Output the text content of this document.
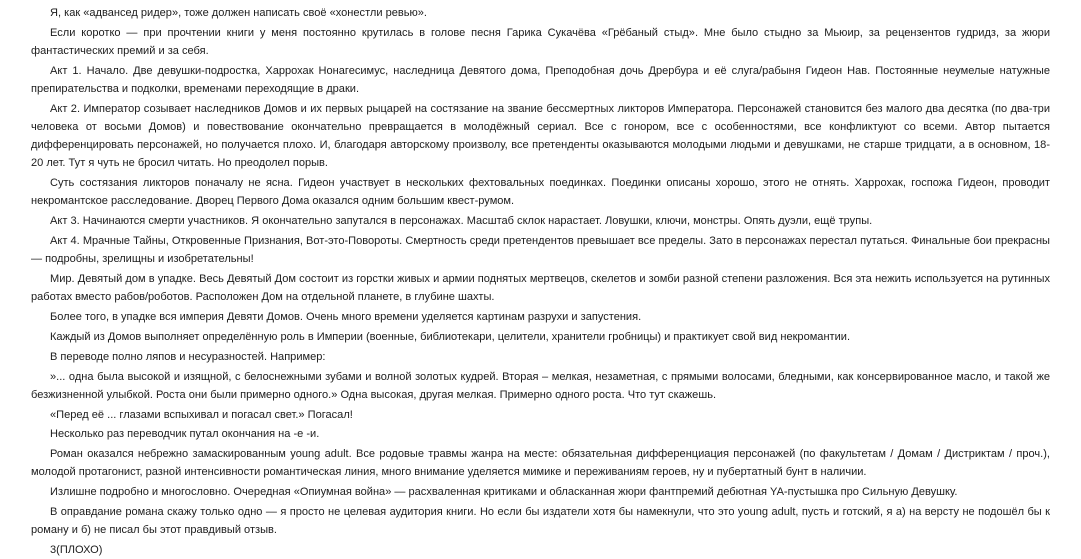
Я, как «адвансед ридер», тоже должен написать своё «хонестли ревью».

Если коротко — при прочтении книги у меня постоянно крутилась в голове песня Гарика Сукачёва «Грёбаный стыд». Мне было стыдно за Мьюир, за рецензентов гудридз, за жюри фантастических премий и за себя.

Акт 1. Начало. Две девушки-подростка, Харрохак Нонагесимус, наследница Девятого дома, Преподобная дочь Дрербура и её слуга/рабыня Гидеон Нав. Постоянные неумелые натужные препирательства и подколки, временами переходящие в драки.

Акт 2. Император созывает наследников Домов и их первых рыцарей на состязание на звание бессмертных ликторов Императора. Персонажей становится без малого два десятка (по два-три человека от восьми Домов) и повествование окончательно превращается в молодёжный сериал. Все с гонором, все с особенностями, все конфликтуют со всеми. Автор пытается дифференцировать персонажей, но получается плохо. И, благодаря авторскому произволу, все претенденты оказываются молодыми людьми и девушками, не старше тридцати, а в основном, 18-20 лет. Тут я чуть не бросил читать. Но преодолел порыв.

Суть состязания ликторов поначалу не ясна. Гидеон участвует в нескольких фехтовальных поединках. Поединки описаны хорошо, этого не отнять. Харрохак, госпожа Гидеон, проводит некромантское расследование. Дворец Первого Дома оказался одним большим квест-румом.

Акт 3. Начинаются смерти участников. Я окончательно запутался в персонажах. Масштаб склок нарастает. Ловушки, ключи, монстры. Опять дуэли, ещё трупы.

Акт 4. Мрачные Тайны, Откровенные Признания, Вот-это-Повороты. Смертность среди претендентов превышает все пределы. Зато в персонажах перестал путаться. Финальные бои прекрасны — подробны, зрелищны и изобретательны!

Мир. Девятый дом в упадке. Весь Девятый Дом состоит из горстки живых и армии поднятых мертвецов, скелетов и зомби разной степени разложения. Вся эта нежить используется на рутинных работах вместо рабов/роботов. Расположен Дом на отдельной планете, в глубине шахты.

Более того, в упадке вся империя Девяти Домов. Очень много времени уделяется картинам разрухи и запустения.

Каждый из Домов выполняет определённую роль в Империи (военные, библиотекари, целители, хранители гробницы) и практикует свой вид некромантии.

В переводе полно ляпов и несуразностей. Например:

»... одна была высокой и изящной, с белоснежными зубами и волной золотых кудрей. Вторая – мелкая, незаметная, с прямыми волосами, бледными, как консервированное масло, и такой же безжизненной улыбкой. Роста они были примерно одного.» Одна высокая, другая мелкая. Примерно одного роста. Что тут скажешь.

«Перед её ... глазами вспыхивал и погасал свет.» Погасал!

Несколько раз переводчик путал окончания на -е -и.

Роман оказался небрежно замаскированным young adult. Все родовые травмы жанра на месте: обязательная дифференциация персонажей (по факультетам / Домам / Дистриктам / проч.), молодой протагонист, разной интенсивности романтическая линия, много внимание уделяется мимике и переживаниям героев, ну и пубертатный бунт в наличии.

Излишне подробно и многословно. Очередная «Опиумная война» — расхваленная критиками и обласканная жюри фантпремий дебютная YA-пустышка про Сильную Девушку.

В оправдание романа скажу только одно — я просто не целевая аудитория книги. Но если бы издатели хотя бы намекнули, что это young adult, пусть и готский, я а) на версту не подошёл бы к роману и б) не писал бы этот правдивый отзыв.

3(ПЛОХО)
